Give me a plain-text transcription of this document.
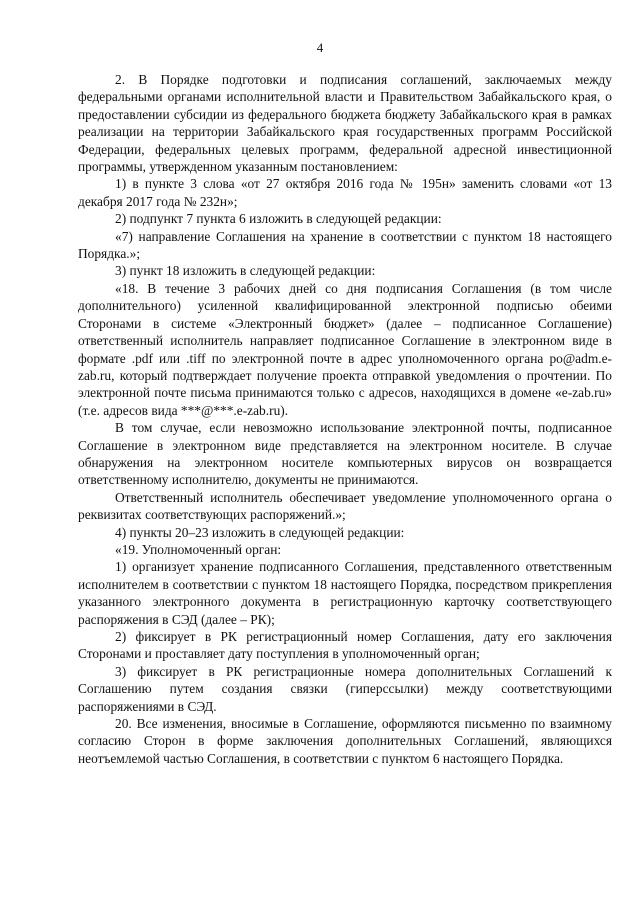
4

2. В Порядке подготовки и подписания соглашений, заключаемых между федеральными органами исполнительной власти и Правительством Забайкальского края, о предоставлении субсидии из федерального бюджета бюджету Забайкальского края в рамках реализации на территории Забайкальского края государственных программ Российской Федерации, федеральных целевых программ, федеральной адресной инвестиционной программы, утвержденном указанным постановлением:

1) в пункте 3 слова «от 27 октября 2016 года № 195н» заменить словами «от 13 декабря 2017 года № 232н»;

2) подпункт 7 пункта 6 изложить в следующей редакции:

«7) направление Соглашения на хранение в соответствии с пунктом 18 настоящего Порядка.»;

3) пункт 18 изложить в следующей редакции:

«18. В течение 3 рабочих дней со дня подписания Соглашения (в том числе дополнительного) усиленной квалифицированной электронной подписью обеими Сторонами в системе «Электронный бюджет» (далее – подписанное Соглашение) ответственный исполнитель направляет подписанное Соглашение в электронном виде в формате .pdf или .tiff по электронной почте в адрес уполномоченного органа po@adm.e-zab.ru, который подтверждает получение проекта отправкой уведомления о прочтении. По электронной почте письма принимаются только с адресов, находящихся в домене «e-zab.ru» (т.е. адресов вида ***@***.e-zab.ru).

В том случае, если невозможно использование электронной почты, подписанное Соглашение в электронном виде представляется на электронном носителе. В случае обнаружения на электронном носителе компьютерных вирусов он возвращается ответственному исполнителю, документы не принимаются.

Ответственный исполнитель обеспечивает уведомление уполномоченного органа о реквизитах соответствующих распоряжений.»;

4) пункты 20–23 изложить в следующей редакции:

«19. Уполномоченный орган:

1) организует хранение подписанного Соглашения, представленного ответственным исполнителем в соответствии с пунктом 18 настоящего Порядка, посредством прикрепления указанного электронного документа в регистрационную карточку соответствующего распоряжения в СЭД (далее – РК);

2) фиксирует в РК регистрационный номер Соглашения, дату его заключения Сторонами и проставляет дату поступления в уполномоченный орган;

3) фиксирует в РК регистрационные номера дополнительных Соглашений к Соглашению путем создания связки (гиперссылки) между соответствующими распоряжениями в СЭД.

20. Все изменения, вносимые в Соглашение, оформляются письменно по взаимному согласию Сторон в форме заключения дополнительных Соглашений, являющихся неотъемлемой частью Соглашения, в соответствии с пунктом 6 настоящего Порядка.
